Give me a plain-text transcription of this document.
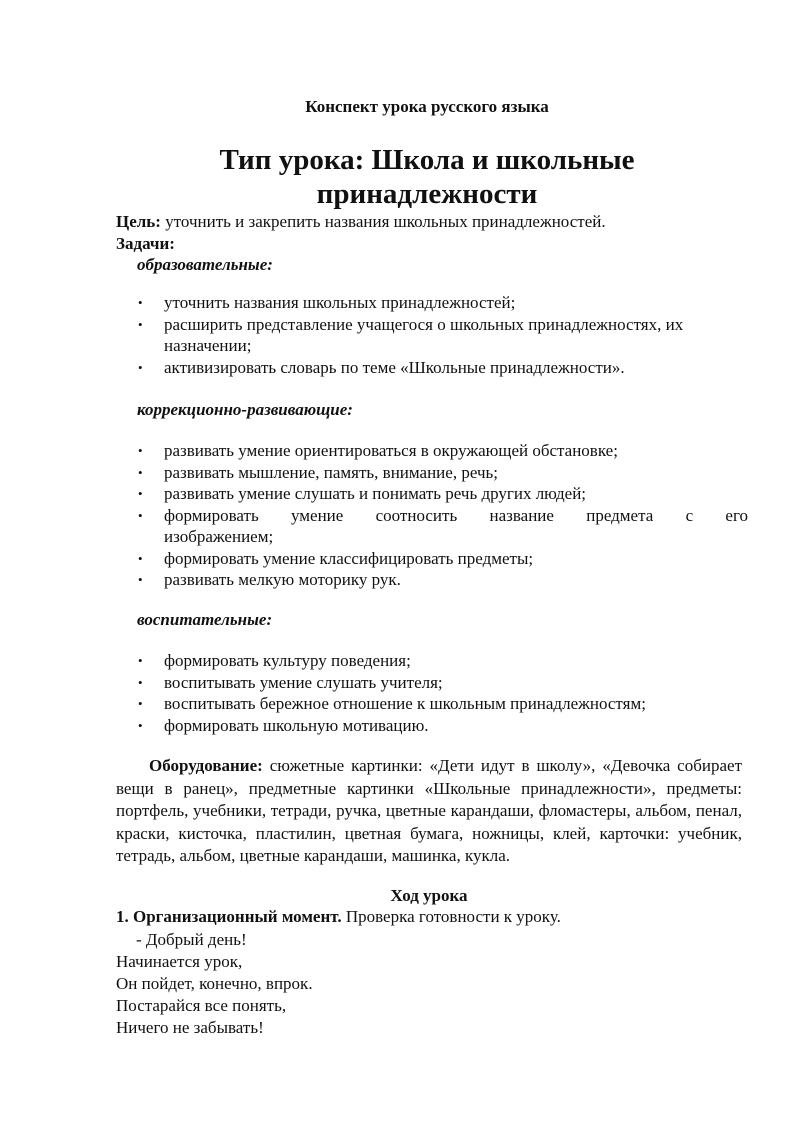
Конспект урока русского языка
Тип урока: Школа и школьные
принадлежности
Цель: уточнить и закрепить названия школьных принадлежностей.
Задачи:
образовательные:
• уточнить названия школьных принадлежностей;
• расширить представление учащегося о школьных принадлежностях, их назначении;
• активизировать словарь по теме «Школьные принадлежности».
коррекционно-развивающие:
• развивать умение ориентироваться в окружающей обстановке;
• развивать мышление, память, внимание, речь;
• развивать умение слушать и понимать речь других людей;
• формировать умение соотносить название предмета с его изображением;
• формировать умение классифицировать предметы;
• развивать мелкую моторику рук.
воспитательные:
• формировать культуру поведения;
• воспитывать умение слушать учителя;
• воспитывать бережное отношение к школьным принадлежностям;
• формировать школьную мотивацию.
Оборудование: сюжетные картинки: «Дети идут в школу», «Девочка собирает вещи в ранец», предметные картинки «Школьные принадлежности», предметы: портфель, учебники, тетради, ручка, цветные карандаши, фломастеры, альбом, пенал, краски, кисточка, пластилин, цветная бумага, ножницы, клей, карточки: учебник, тетрадь, альбом, цветные карандаши, машинка, кукла.
Ход урока
1. Организационный момент. Проверка готовности к уроку.
- Добрый день!
Начинается урок,
Он пойдет, конечно, впрок.
Постарайся все понять,
Ничего не забывать!
